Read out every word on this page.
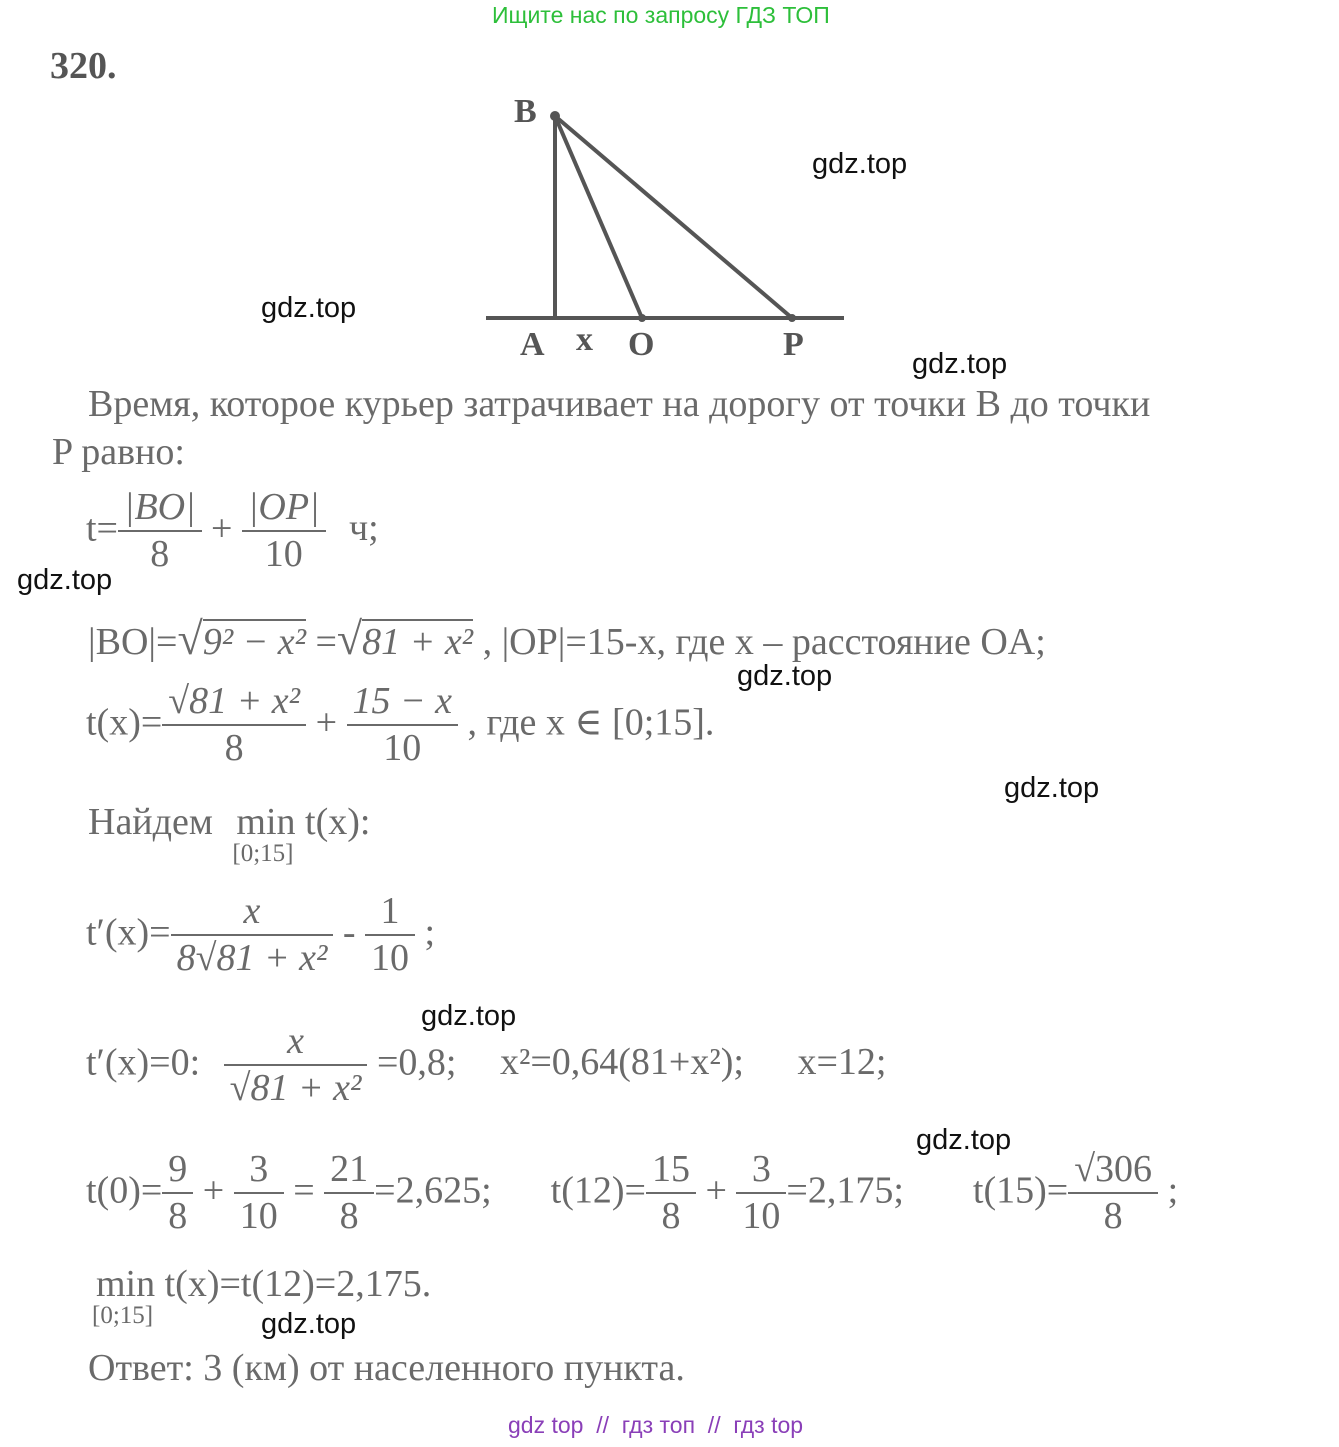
Ищите нас по запросу ГДЗ ТОП
320.
B
A x O	P
gdz.top
gdz.top
gdz.top
gdz.top
gdz.top
gdz.top
gdz.top
gdz.top
gdz.top
Время, которое курьер затрачивает на дорогу от точки B до точки
P равно:
$t= \frac{|BO|}{8} + \frac{|OP|}{10} ч$;
|BO|=√9² − x² =√81 + x² , |OP|=15-x, где x – расстояние OA;
$t(x)= \frac{\text{√81 + x²}}{8} + \frac{15 - x}{10}$ , где x ∈ [0;15].
Найдем min t(x):
[0;15]
$t'(x)= \frac{x}{\text{8√81 + x²}} - \frac{1}{10}$ ;
t′(x)=0: $\frac{x}{\text{√81 + x²}} =0,8$; x²=0,64(81+x²); x=12;
$t(0)= \frac{9}{8} + \frac{3}{10} = \frac{21}{8} =2,625$; $t(12)= \frac{15}{8} + \frac{3}{10} =2,175$; $t(15)= \frac{√306}{8}$ ;
min t(x)=t(12)=2,175.
[0;15]
Ответ: 3 (км) от населенного пункта.
gdz top  //  гдз топ  //  гдз top
